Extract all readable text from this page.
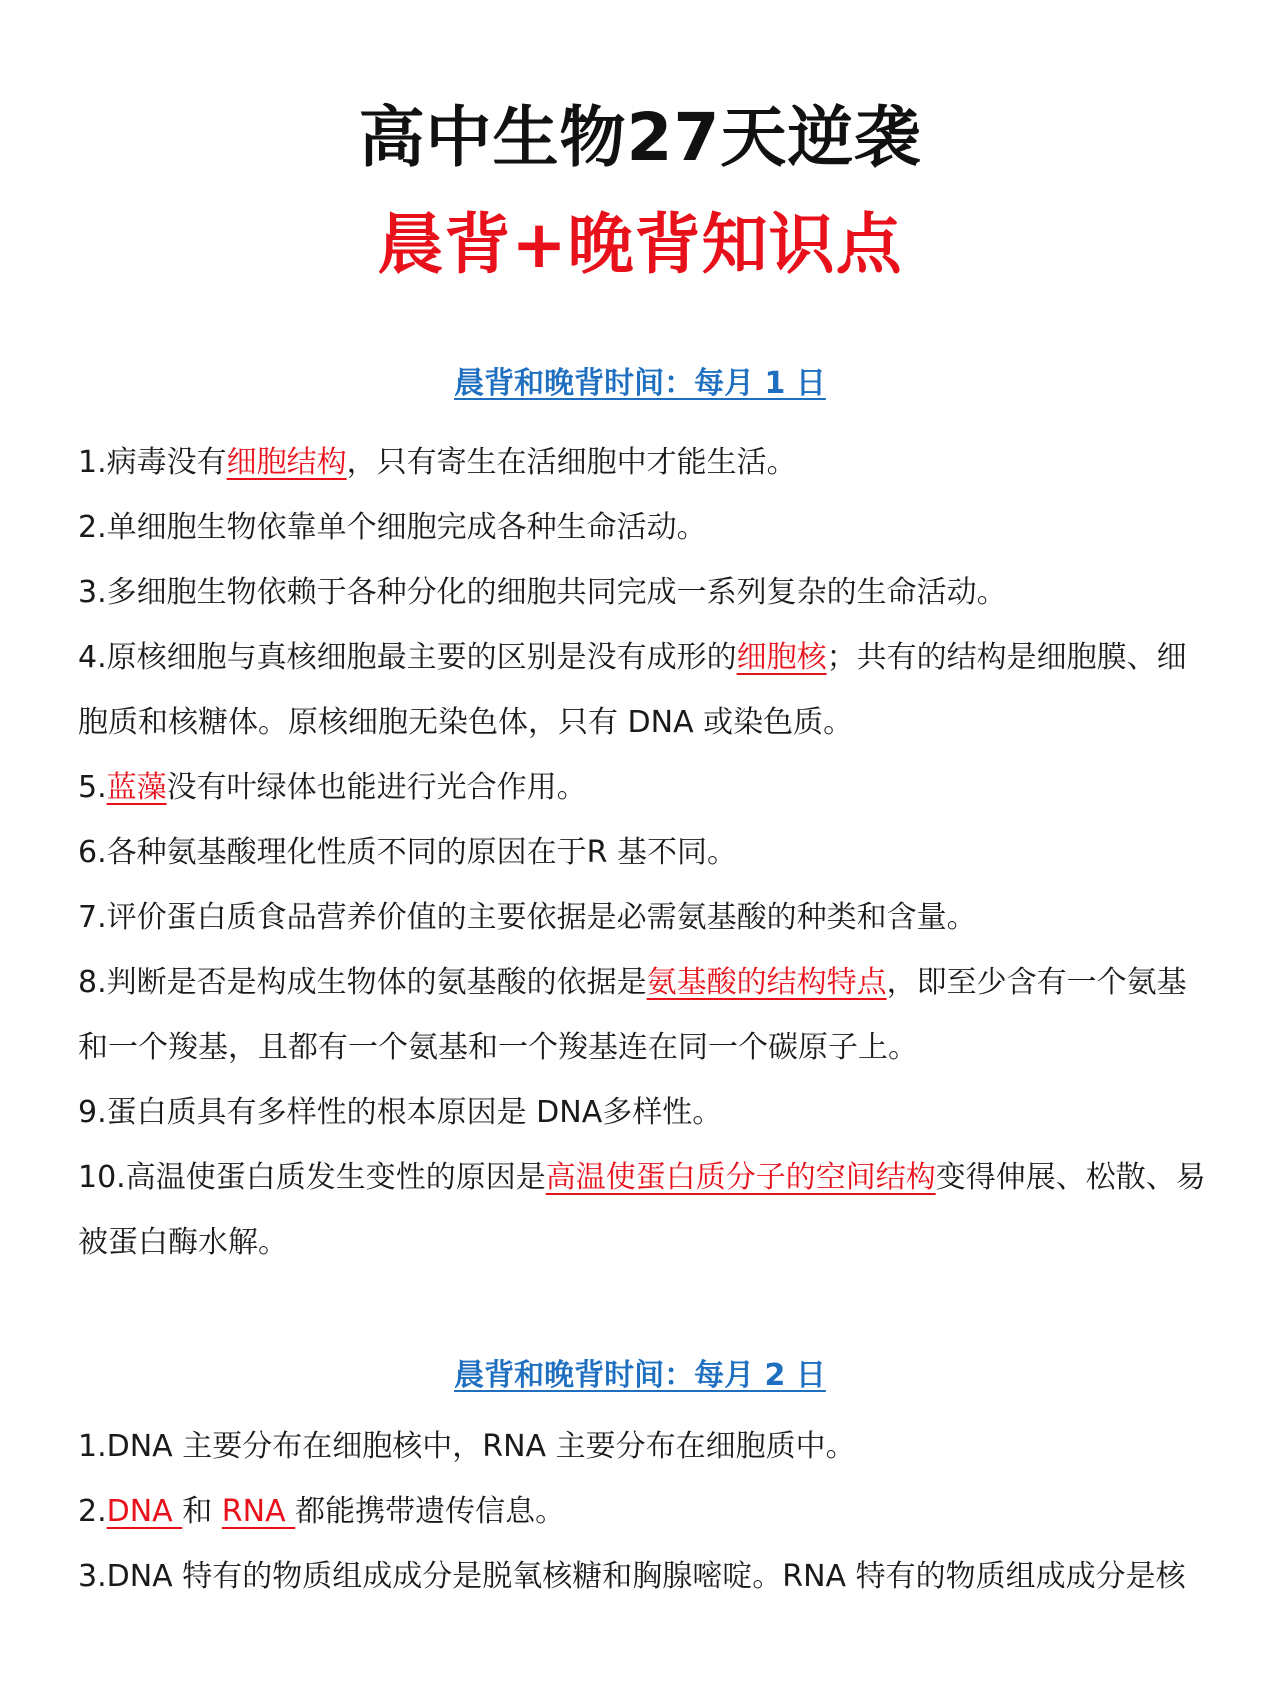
高中生物27天逆袭
晨背+晚背知识点
晨背和晚背时间：每月 1 日
1.病毒没有细胞结构，只有寄生在活细胞中才能生活。
2.单细胞生物依靠单个细胞完成各种生命活动。
3.多细胞生物依赖于各种分化的细胞共同完成一系列复杂的生命活动。
4.原核细胞与真核细胞最主要的区别是没有成形的细胞核；共有的结构是细胞膜、细胞质和核糖体。原核细胞无染色体，只有 DNA 或染色质。
5.蓝藻没有叶绿体也能进行光合作用。
6.各种氨基酸理化性质不同的原因在于R 基不同。
7.评价蛋白质食品营养价值的主要依据是必需氨基酸的种类和含量。
8.判断是否是构成生物体的氨基酸的依据是氨基酸的结构特点，即至少含有一个氨基和一个羧基，且都有一个氨基和一个羧基连在同一个碳原子上。
9.蛋白质具有多样性的根本原因是 DNA多样性。
10.高温使蛋白质发生变性的原因是高温使蛋白质分子的空间结构变得伸展、松散、易被蛋白酶水解。
晨背和晚背时间：每月 2 日
1.DNA 主要分布在细胞核中，RNA 主要分布在细胞质中。
2.DNA 和 RNA 都能携带遗传信息。
3.DNA 特有的物质组成成分是脱氧核糖和胸腺嘧啶。RNA 特有的物质组成成分是核
